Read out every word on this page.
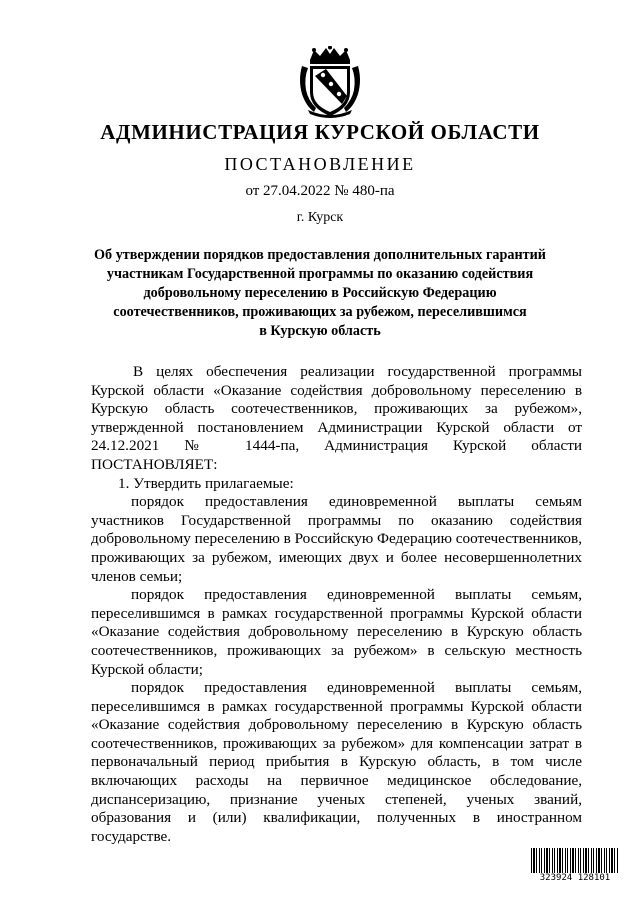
АДМИНИСТРАЦИЯ КУРСКОЙ ОБЛАСТИ
ПОСТАНОВЛЕНИЕ
от 27.04.2022 № 480-па
г. Курск
Об утверждении порядков предоставления дополнительных гарантий
участникам Государственной программы по оказанию содействия
добровольному переселению в Российскую Федерацию
соотечественников, проживающих за рубежом, переселившимся
в Курскую область
В целях обеспечения реализации государственной программы Курской области «Оказание содействия добровольному переселению в Курскую область соотечественников, проживающих за рубежом», утвержденной постановлением Администрации Курской области от 24.12.2021 № 1444-па, Администрация Курской области ПОСТАНОВЛЯЕТ:
1. Утвердить прилагаемые:
порядок предоставления единовременной выплаты семьям участников Государственной программы по оказанию содействия добровольному переселению в Российскую Федерацию соотечественников, проживающих за рубежом, имеющих двух и более несовершеннолетних членов семьи;
порядок предоставления единовременной выплаты семьям, переселившимся в рамках государственной программы Курской области «Оказание содействия добровольному переселению в Курскую область соотечественников, проживающих за рубежом» в сельскую местность Курской области;
порядок предоставления единовременной выплаты семьям, переселившимся в рамках государственной программы Курской области «Оказание содействия добровольному переселению в Курскую область соотечественников, проживающих за рубежом» для компенсации затрат в первоначальный период прибытия в Курскую область, в том числе включающих расходы на первичное медицинское обследование, диспансеризацию, признание ученых степеней, ученых званий, образования и (или) квалификации, полученных в иностранном государстве.
323924 128101
